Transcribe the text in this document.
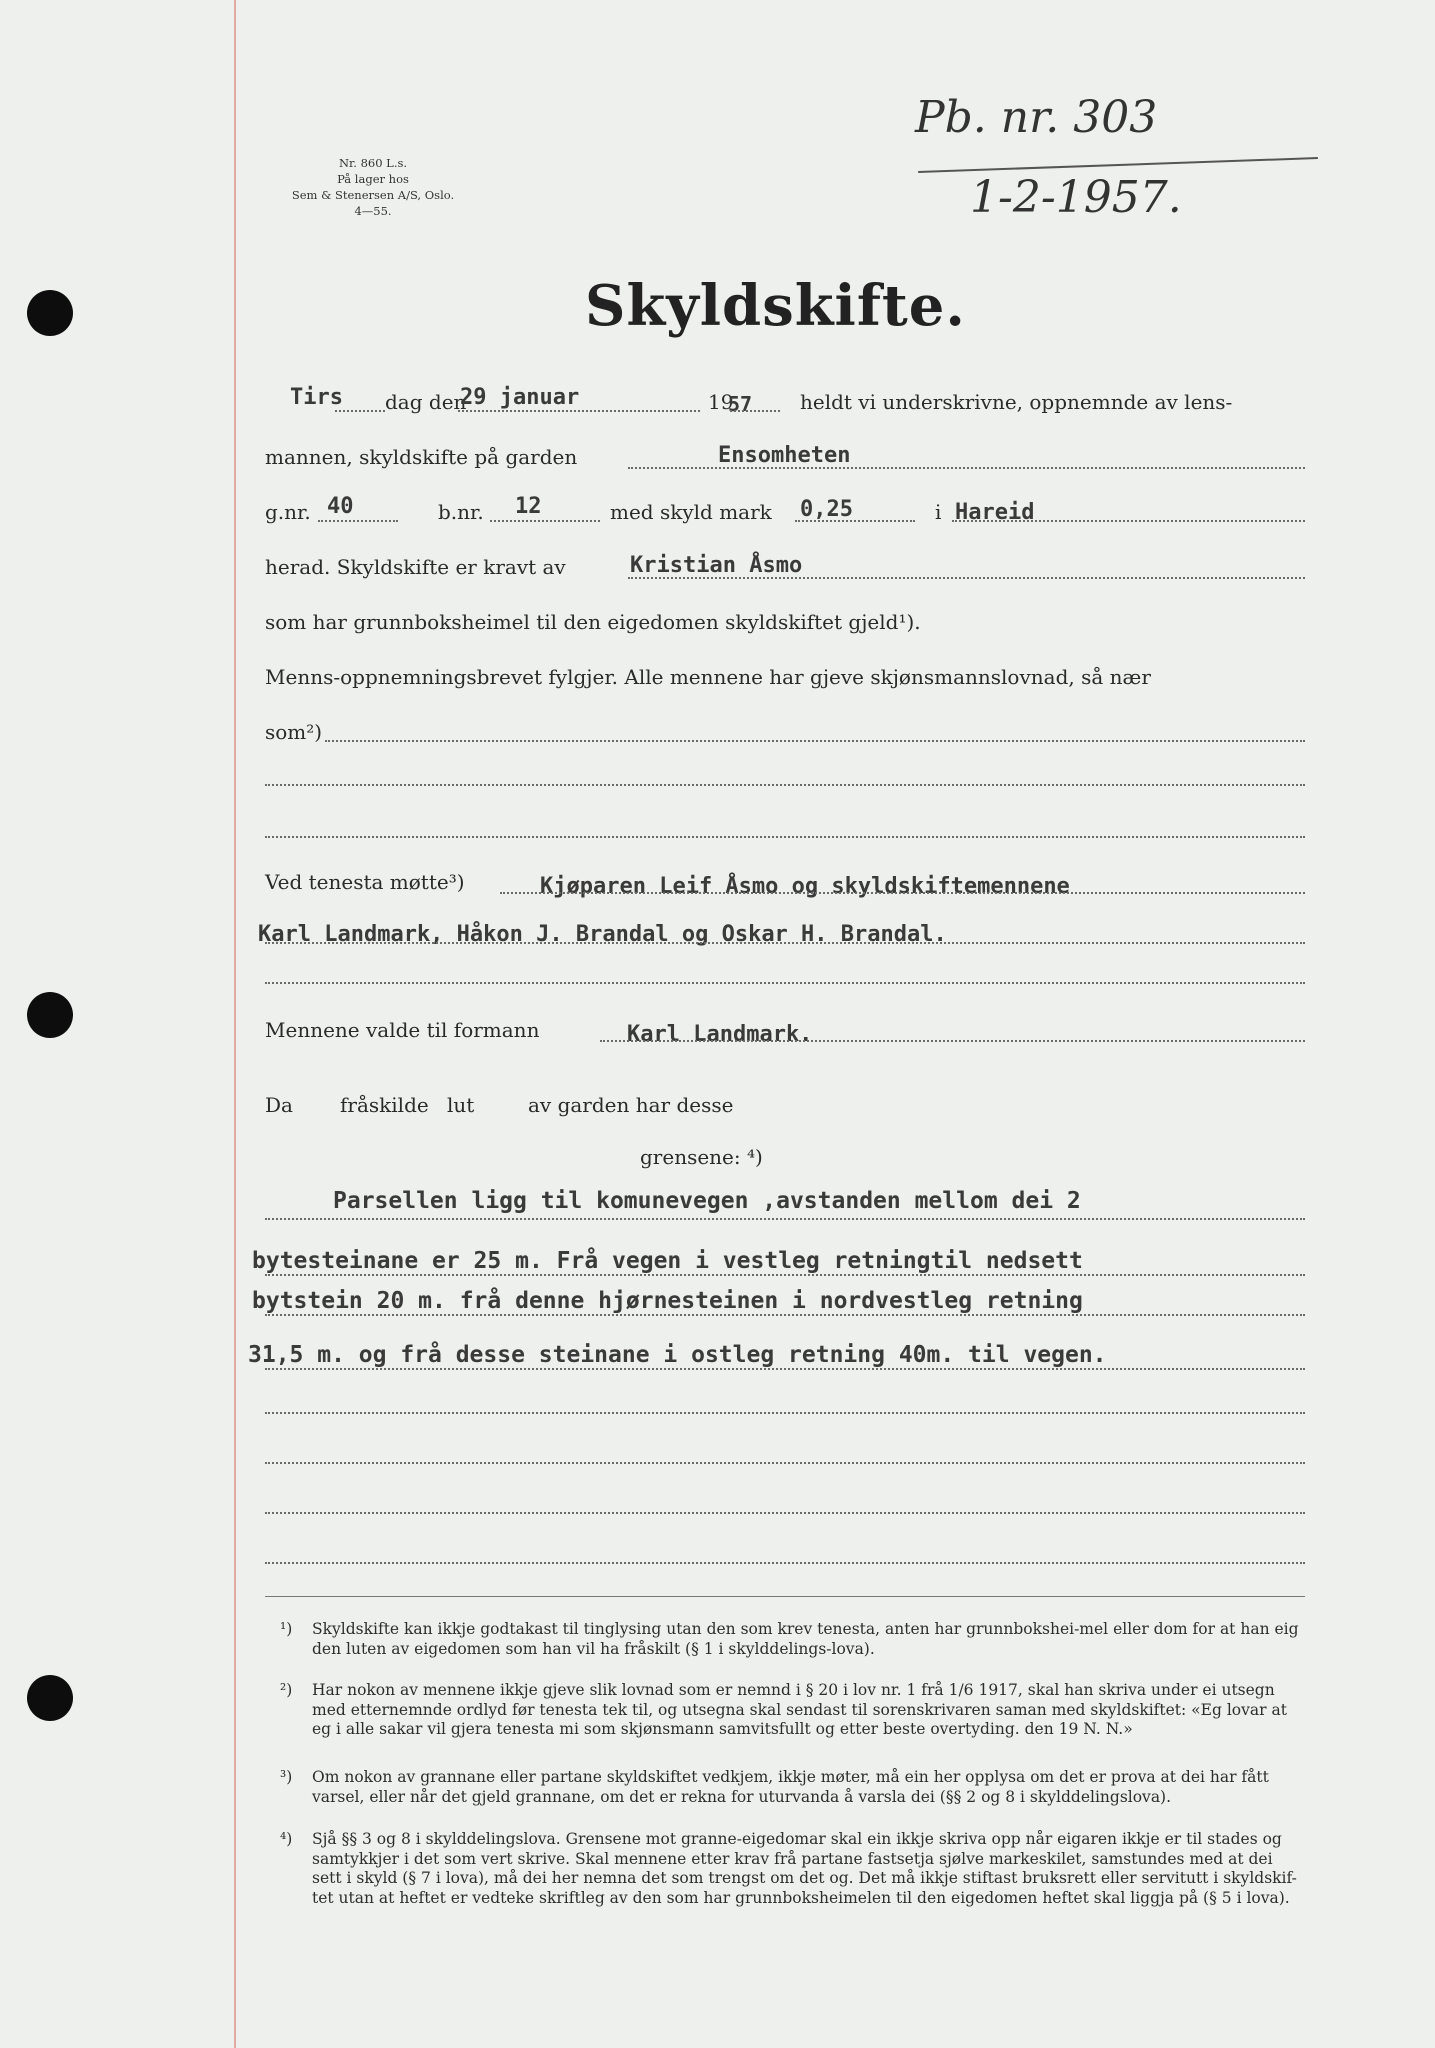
Nr. 860 L.s.
På lager hos
Sem & Stenersen A/S, Oslo.
4—55.
Pb. nr. 303
1-2-1957.
Skyldskifte.
Tirs dag den
29 januar	19
57 heldt vi underskrivne, oppnemnde av lens-
mannen, skyldskifte på garden	Ensomheten
g.nr. 40	b.nr. 12	med skyld mark 0,25	i Hareid
herad. Skyldskifte er kravt av	Kristian Åsmo
som har grunnboksheimel til den eigedomen skyldskiftet gjeld¹).
Menns-oppnemningsbrevet fylgjer. Alle mennene har gjeve skjønsmannslovnad, så nær
som²)
Ved tenesta møtte³)	Kjøparen Leif Åsmo og skyldskiftemennene
Karl Landmark, Håkon J. Brandal og Oskar H. Brandal.
Mennene valde til formann	Karl Landmark.
Da fråskilde lut	av garden har desse
grensene: ⁴)
Parsellen ligg til komunevegen ,avstanden mellom dei 2
bytesteinane er 25 m. Frå vegen i vestleg retningtil nedsett
bytstein 20 m. frå denne hjørnesteinen i nordvestleg retning
31,5 m. og frå desse steinane i ostleg retning 40m. til vegen.
¹) Skyldskifte kan ikkje godtakast til tinglysing utan den som krev tenesta, anten har grunnbokshei-mel eller dom for at han eig den luten av eigedomen som han vil ha fråskilt (§ 1 i skylddelings-lova).
²) Har nokon av mennene ikkje gjeve slik lovnad som er nemnd i § 20 i lov nr. 1 frå 1/6 1917, skal han skriva under ei utsegn med etternemnde ordlyd før tenesta tek til, og utsegna skal sendast til sorenskrivaren saman med skyldskiftet: «Eg lovar at eg i alle sakar vil gjera tenesta mi som skjønsmann samvitsfullt og etter beste overtyding. den 19 N. N.»
³) Om nokon av grannane eller partane skyldskiftet vedkjem, ikkje møter, må ein her opplysa om det er prova at dei har fått varsel, eller når det gjeld grannane, om det er rekna for uturvanda å varsla dei (§§ 2 og 8 i skylddelingslova).
⁴) Sjå §§ 3 og 8 i skylddelingslova. Grensene mot granne-eigedomar skal ein ikkje skriva opp når eigaren ikkje er til stades og samtykkjer i det som vert skrive. Skal mennene etter krav frå partane fastsetja sjølve markeskilet, samstundes med at dei sett i skyld (§ 7 i lova), må dei her nemna det som trengst om det og. Det må ikkje stiftast bruksrett eller servitutt i skyldskif-tet utan at heftet er vedteke skriftleg av den som har grunnboksheimelen til den eigedomen heftet skal liggja på (§ 5 i lova).
